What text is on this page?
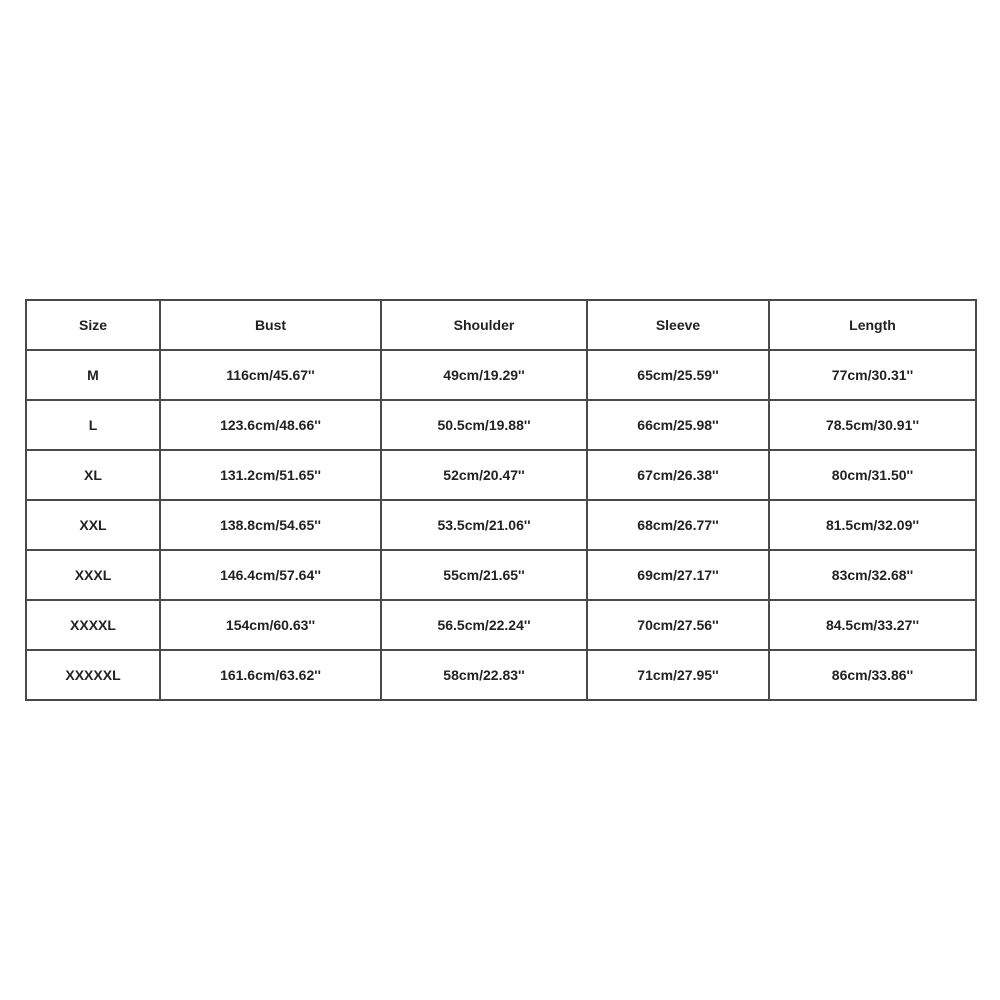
Size	Bust	Shoulder	Sleeve	Length
M	116cm/45.67''	49cm/19.29''	65cm/25.59''	77cm/30.31''
L	123.6cm/48.66''	50.5cm/19.88''	66cm/25.98''	78.5cm/30.91''
XL	131.2cm/51.65''	52cm/20.47''	67cm/26.38''	80cm/31.50''
XXL	138.8cm/54.65''	53.5cm/21.06''	68cm/26.77''	81.5cm/32.09''
XXXL	146.4cm/57.64''	55cm/21.65''	69cm/27.17''	83cm/32.68''
XXXXL	154cm/60.63''	56.5cm/22.24''	70cm/27.56''	84.5cm/33.27''
XXXXXL	161.6cm/63.62''	58cm/22.83''	71cm/27.95''	86cm/33.86''
